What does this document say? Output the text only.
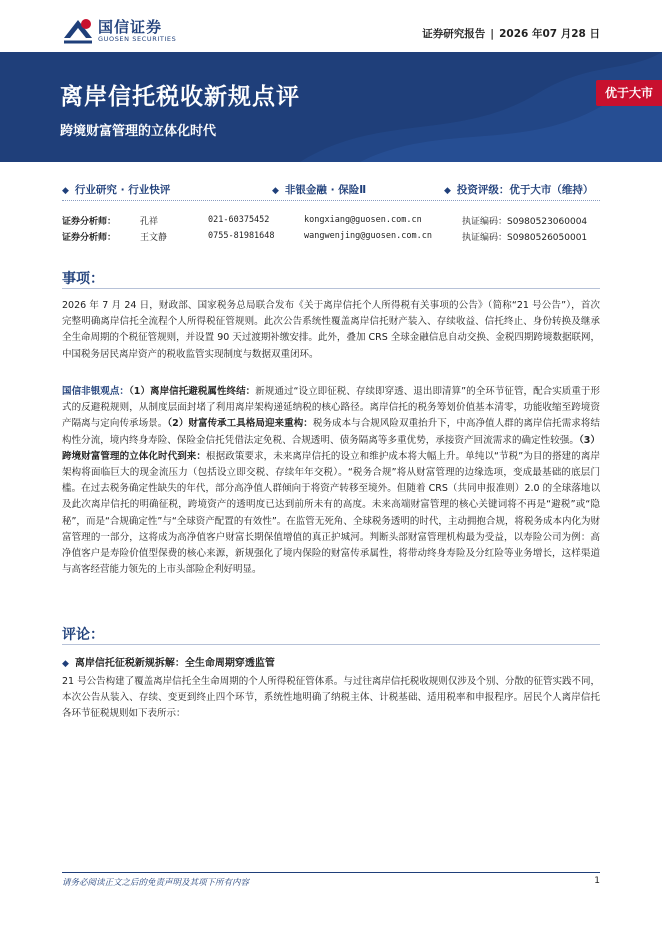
国信证券
GUOSEN SECURITIES	证券研究报告 | 2026 年07 月28 日
离岸信托税收新规点评
跨境财富管理的立体化时代
优于大市
◆ 行业研究 · 行业快评	◆ 非银金融 · 保险Ⅱ	◆ 投资评级：优于大市（维持）
证券分析师：	孔祥	021-60375452	kongxiang@guosen.com.cn	执证编码：S0980523060004
证券分析师：	王文静	0755-81981648	wangwenjing@guosen.com.cn	执证编码：S0980526050001
事项：
2026 年 7 月 24 日，财政部、国家税务总局联合发布《关于离岸信托个人所得税有关事项的公告》（简称“21 号公告”），首次完整明确离岸信托全流程个人所得税征管规则。此次公告系统性覆盖离岸信托财产装入、存续收益、信托终止、身份转换及继承全生命周期的个税征管规则，并设置 90 天过渡期补缴安排。此外，叠加 CRS 全球金融信息自动交换、金税四期跨境数据联网，中国税务居民离岸资产的税收监管实现制度与数据双重闭环。
国信非银观点：（1）离岸信托避税属性终结：新规通过“设立即征税、存续即穿透、退出即清算”的全环节征管，配合实质重于形式的反避税规则，从制度层面封堵了利用离岸架构递延纳税的核心路径。离岸信托的税务筹划价值基本清零，功能收缩至跨境资产隔离与定向传承场景。（2）财富传承工具格局迎来重构：税务成本与合规风险双重抬升下，中高净值人群的离岸信托需求将结构性分流，境内终身寿险、保险金信托凭借法定免税、合规透明、债务隔离等多重优势，承接资产回流需求的确定性较强。（3）跨境财富管理的立体化时代到来：根据政策要求，未来离岸信托的设立和维护成本将大幅上升。单纯以“节税”为目的搭建的离岸架构将面临巨大的现金流压力（包括设立即交税、存续年年交税）。“税务合规”将从财富管理的边缘选项，变成最基础的底层门槛。在过去税务确定性缺失的年代，部分高净值人群倾向于将资产转移至境外。但随着 CRS（共同申报准则）2.0 的全球落地以及此次离岸信托的明确征税，跨境资产的透明度已达到前所未有的高度。未来高端财富管理的核心关键词将不再是“避税”或“隐秘”，而是“合规确定性”与“全球资产配置的有效性”。在监管无死角、全球税务透明的时代，主动拥抱合规，将税务成本内化为财富管理的一部分，这将成为高净值客户财富长期保值增值的真正护城河。判断头部财富管理机构最为受益，以寿险公司为例：高净值客户是寿险价值型保费的核心来源，新规强化了境内保险的财富传承属性，将带动终身寿险及分红险等业务增长，这样渠道与高客经营能力领先的上市头部险企利好明显。
评论：
◆ 离岸信托征税新规拆解：全生命周期穿透监管
21 号公告构建了覆盖离岸信托全生命周期的个人所得税征管体系。与过往离岸信托税收规则仅涉及个别、分散的征管实践不同，本次公告从装入、存续、变更到终止四个环节，系统性地明确了纳税主体、计税基础、适用税率和申报程序。居民个人离岸信托各环节征税规则如下表所示：
请务必阅读正文之后的免责声明及其项下所有内容	1
